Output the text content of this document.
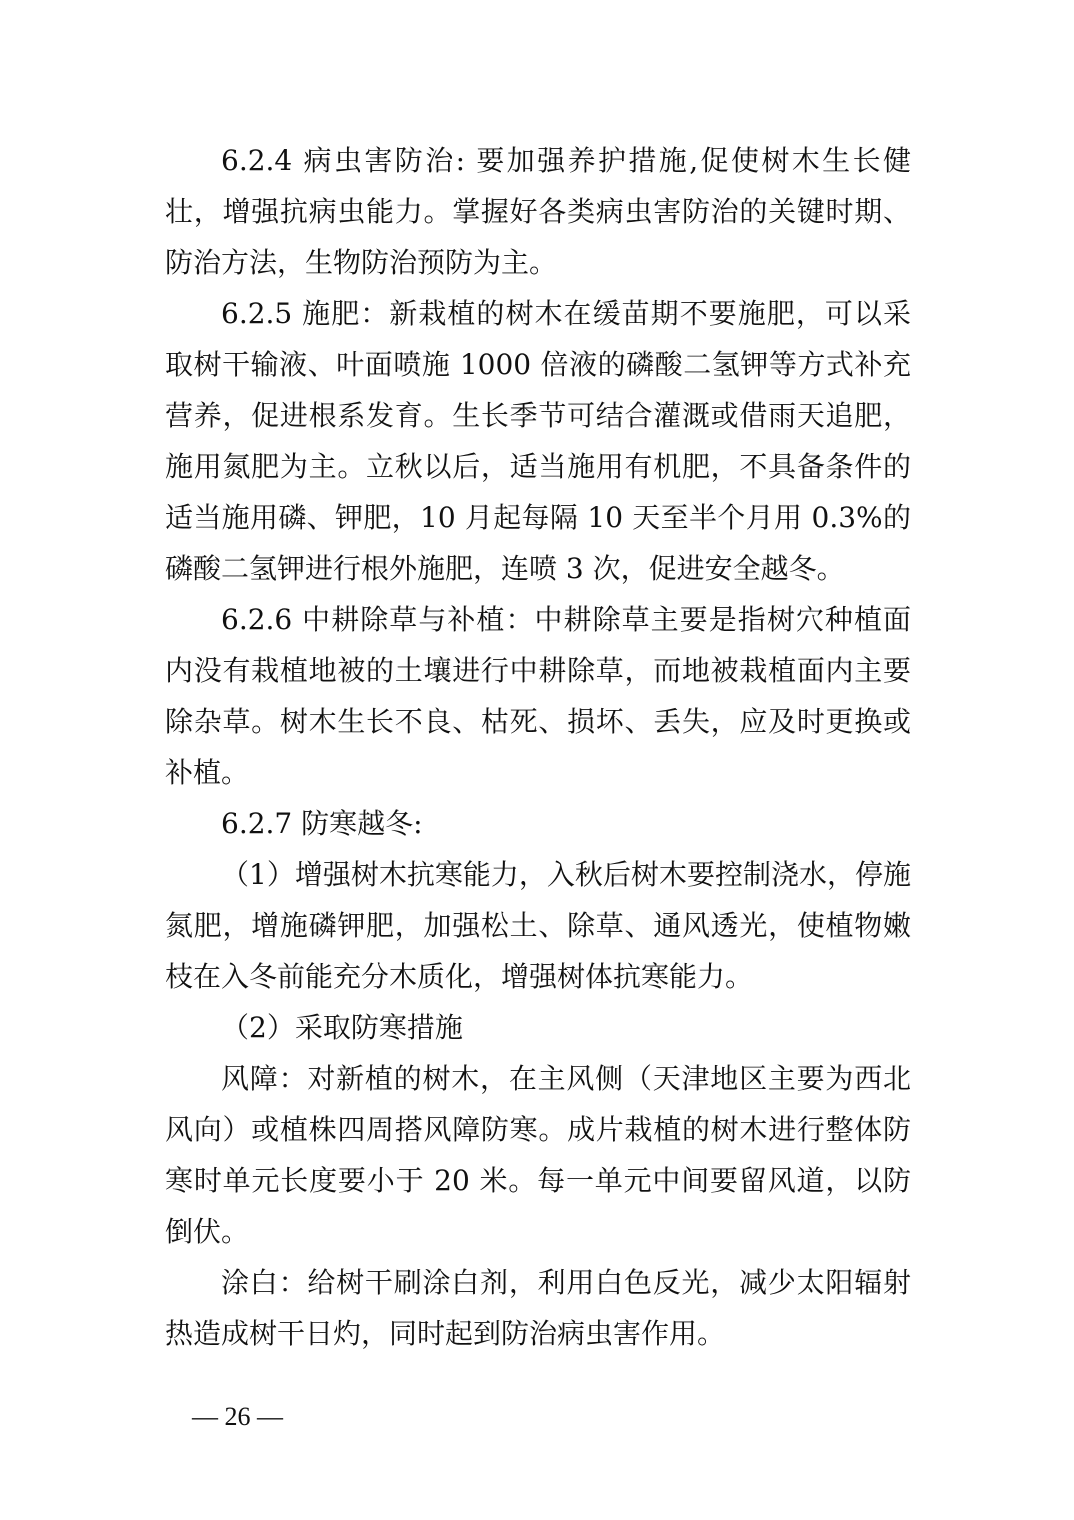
6.2.4 病虫害防治: 要加强养护措施,促使树木生长健壮，增强抗病虫能力。掌握好各类病虫害防治的关键时期、防治方法，生物防治预防为主。

6.2.5 施肥：新栽植的树木在缓苗期不要施肥，可以采取树干输液、叶面喷施 1000 倍液的磷酸二氢钾等方式补充营养，促进根系发育。生长季节可结合灌溉或借雨天追肥，施用氮肥为主。立秋以后，适当施用有机肥，不具备条件的适当施用磷、钾肥，10 月起每隔 10 天至半个月用 0.3%的磷酸二氢钾进行根外施肥，连喷 3 次，促进安全越冬。

6.2.6 中耕除草与补植：中耕除草主要是指树穴种植面内没有栽植地被的土壤进行中耕除草，而地被栽植面内主要除杂草。树木生长不良、枯死、损坏、丢失，应及时更换或补植。

6.2.7 防寒越冬:

（1）增强树木抗寒能力，入秋后树木要控制浇水，停施氮肥，增施磷钾肥，加强松土、除草、通风透光，使植物嫩枝在入冬前能充分木质化，增强树体抗寒能力。

（2）采取防寒措施

风障：对新植的树木，在主风侧（天津地区主要为西北风向）或植株四周搭风障防寒。成片栽植的树木进行整体防寒时单元长度要小于 20 米。每一单元中间要留风道，以防倒伏。

涂白：给树干刷涂白剂，利用白色反光，减少太阳辐射热造成树干日灼，同时起到防治病虫害作用。

— 26 —
